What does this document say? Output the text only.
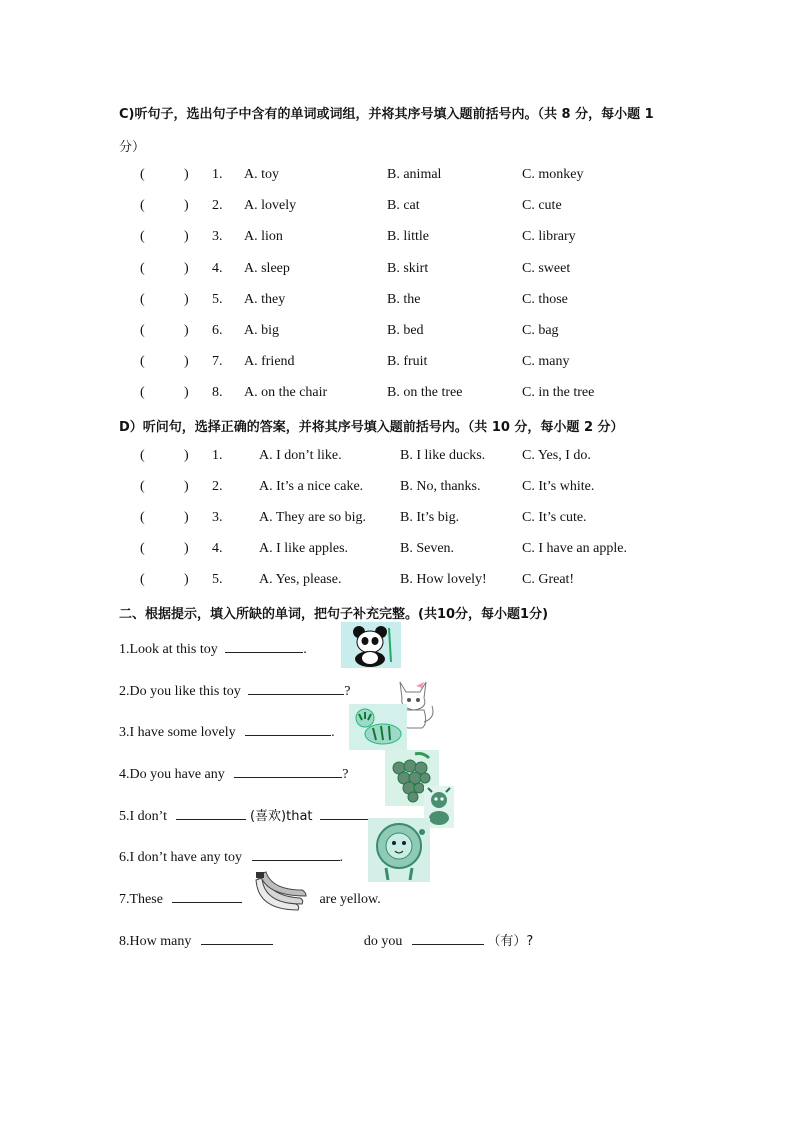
C)听句子，选出句子中含有的单词或词组，并将其序号填入题前括号内。（共 8 分，每小题 1
分）
(	) 1. A. toy	B. animal	C. monkey
(	) 2. A. lovely	B. cat	C. cute
(	) 3. A. lion	B. little	C. library
(	) 4. A. sleep	B. skirt	C. sweet
(	) 5. A. they	B. the	C. those
(	) 6. A. big	B. bed	C. bag
(	) 7. A. friend	B. fruit	C. many
(	) 8. A. on the chair	B. on the tree	C. in the tree
D）听问句，选择正确的答案，并将其序号填入题前括号内。（共 10 分，每小题 2 分）
(	) 1.	A. I don’t like.	B. I like ducks.	C. Yes, I do.
(	) 2.	A. It’s a nice cake.	B. No, thanks.	C. It’s white.
(	) 3.	A. They are so big. B. It’s big.	C. It’s cute.
(	) 4.	A. I like apples.	B. Seven.	C. I have an apple.
(	) 5.	A. Yes, please.	B. How lovely!	C. Great!
二、根据提示，填入所缺的单词，把句子补充完整。(共10分，每小题1分)
1.Look at this toy	.
2.Do you like this toy	?
3.I have some lovely	.
4.Do you have any	?
5.I don’t	(喜欢)that
6.I don’t have any toy	.
7.These	are yellow.
8.How many	do you	（有）?
